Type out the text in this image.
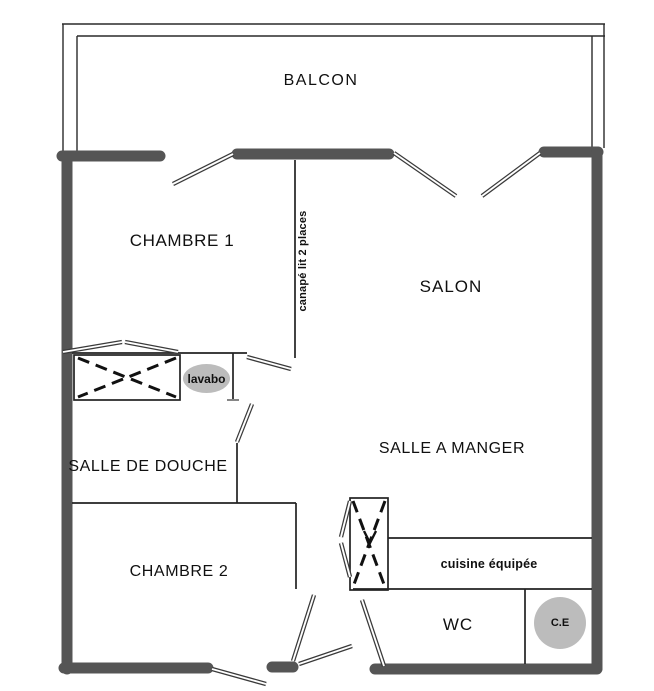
BALCON
CHAMBRE 1
SALON
SALLE A MANGER
SALLE DE DOUCHE
CHAMBRE 2
WC
canapé lit 2 places
cuisine équipée
lavabo
C.E
